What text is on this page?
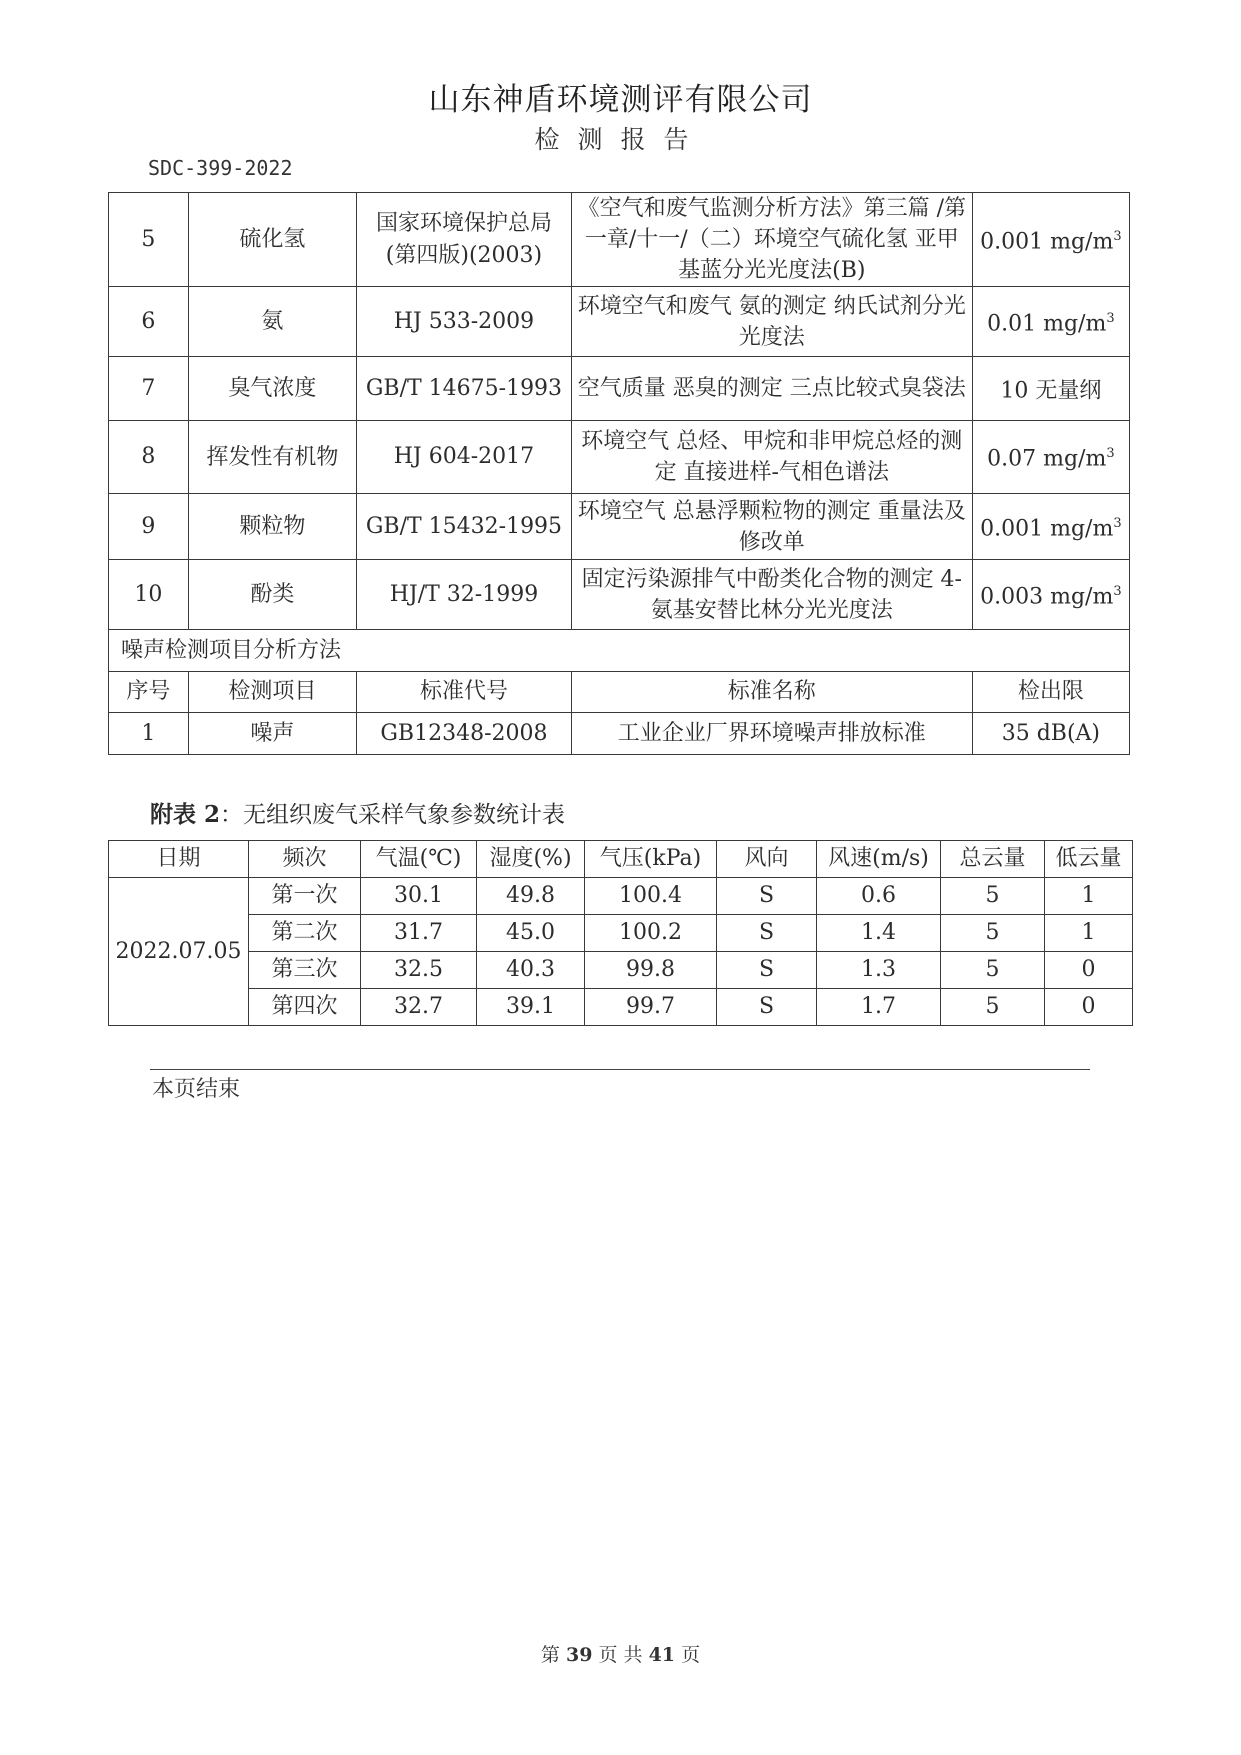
山东神盾环境测评有限公司
检测报告
SDC-399-2022
5	硫化氢	国家环境保护总局 (第四版)(2003)	《空气和废气监测分析方法》第三篇 /第一章/十一/（二）环境空气硫化氢 亚甲基蓝分光光度法(B)	0.001 $mg/m^3$
6	氨	HJ 533-2009	环境空气和废气 氨的测定 纳氏试剂分光光度法	0.01 $mg/m^3$
7	臭气浓度	GB/T 14675-1993	空气质量 恶臭的测定 三点比较式臭袋法	10 无量纲
8	挥发性有机物	HJ 604-2017	环境空气 总烃、甲烷和非甲烷总烃的测定 直接进样-气相色谱法	0.07 $mg/m^3$
9	颗粒物	GB/T 15432-1995	环境空气 总悬浮颗粒物的测定 重量法及修改单	0.001 $mg/m^3$
10	酚类	HJ/T 32-1999	固定污染源排气中酚类化合物的测定 4-氨基安替比林分光光度法	0.003 $mg/m^3$
噪声检测项目分析方法				
序号	检测项目	标准代号	标准名称	检出限
1	噪声	GB12348-2008	工业企业厂界环境噪声排放标准	35 dB(A)
附表 2：无组织废气采样气象参数统计表
日期	频次	气温(℃)	湿度(%)	气压(kPa)	风向	风速(m/s)	总云量	低云量
2022.07.05	第一次	30.1	49.8	100.4	S	0.6	5	1
	第二次	31.7	45.0	100.2	S	1.4	5	1
	第三次	32.5	40.3	99.8	S	1.3	5	0
	第四次	32.7	39.1	99.7	S	1.7	5	0
本页结束
第 39 页 共 41 页
